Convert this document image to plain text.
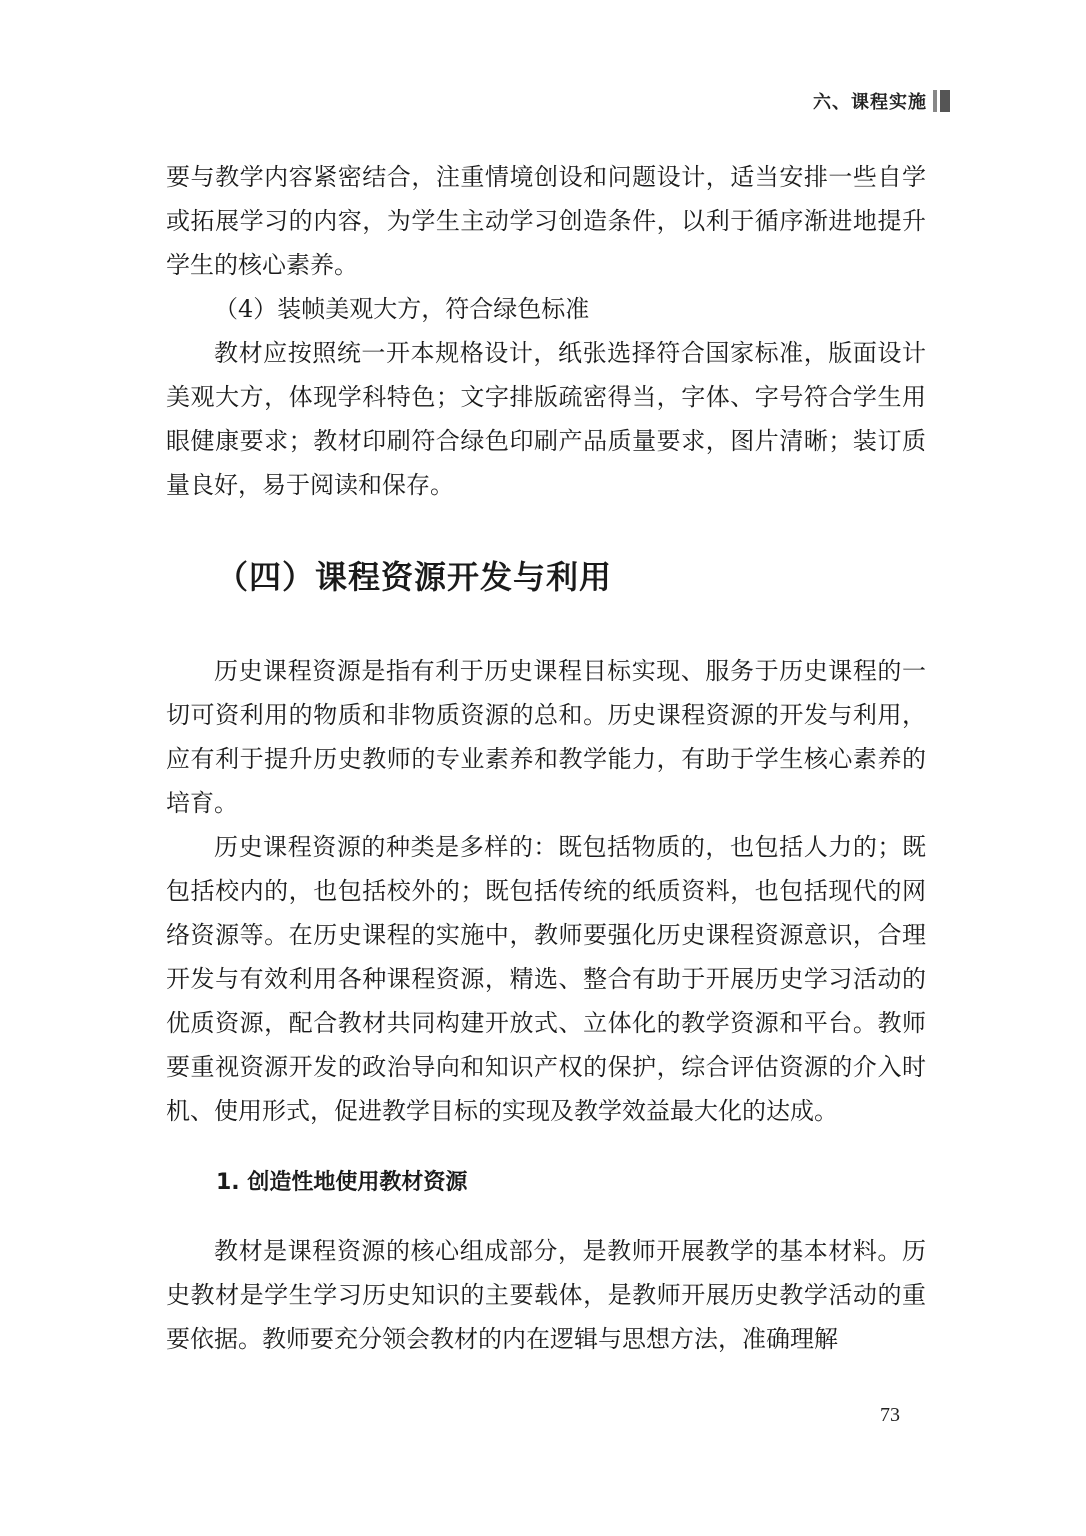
六、课程实施

要与教学内容紧密结合，注重情境创设和问题设计，适当安排一些自学或拓展学习的内容，为学生主动学习创造条件，以利于循序渐进地提升学生的核心素养。

（4）装帧美观大方，符合绿色标准

教材应按照统一开本规格设计，纸张选择符合国家标准，版面设计美观大方，体现学科特色；文字排版疏密得当，字体、字号符合学生用眼健康要求；教材印刷符合绿色印刷产品质量要求，图片清晰；装订质量良好，易于阅读和保存。

（四）课程资源开发与利用

历史课程资源是指有利于历史课程目标实现、服务于历史课程的一切可资利用的物质和非物质资源的总和。历史课程资源的开发与利用，应有利于提升历史教师的专业素养和教学能力，有助于学生核心素养的培育。

历史课程资源的种类是多样的：既包括物质的，也包括人力的；既包括校内的，也包括校外的；既包括传统的纸质资料，也包括现代的网络资源等。在历史课程的实施中，教师要强化历史课程资源意识，合理开发与有效利用各种课程资源，精选、整合有助于开展历史学习活动的优质资源，配合教材共同构建开放式、立体化的教学资源和平台。教师要重视资源开发的政治导向和知识产权的保护，综合评估资源的介入时机、使用形式，促进教学目标的实现及教学效益最大化的达成。

1. 创造性地使用教材资源

教材是课程资源的核心组成部分，是教师开展教学的基本材料。历史教材是学生学习历史知识的主要载体，是教师开展历史教学活动的重要依据。教师要充分领会教材的内在逻辑与思想方法，准确理解

73
